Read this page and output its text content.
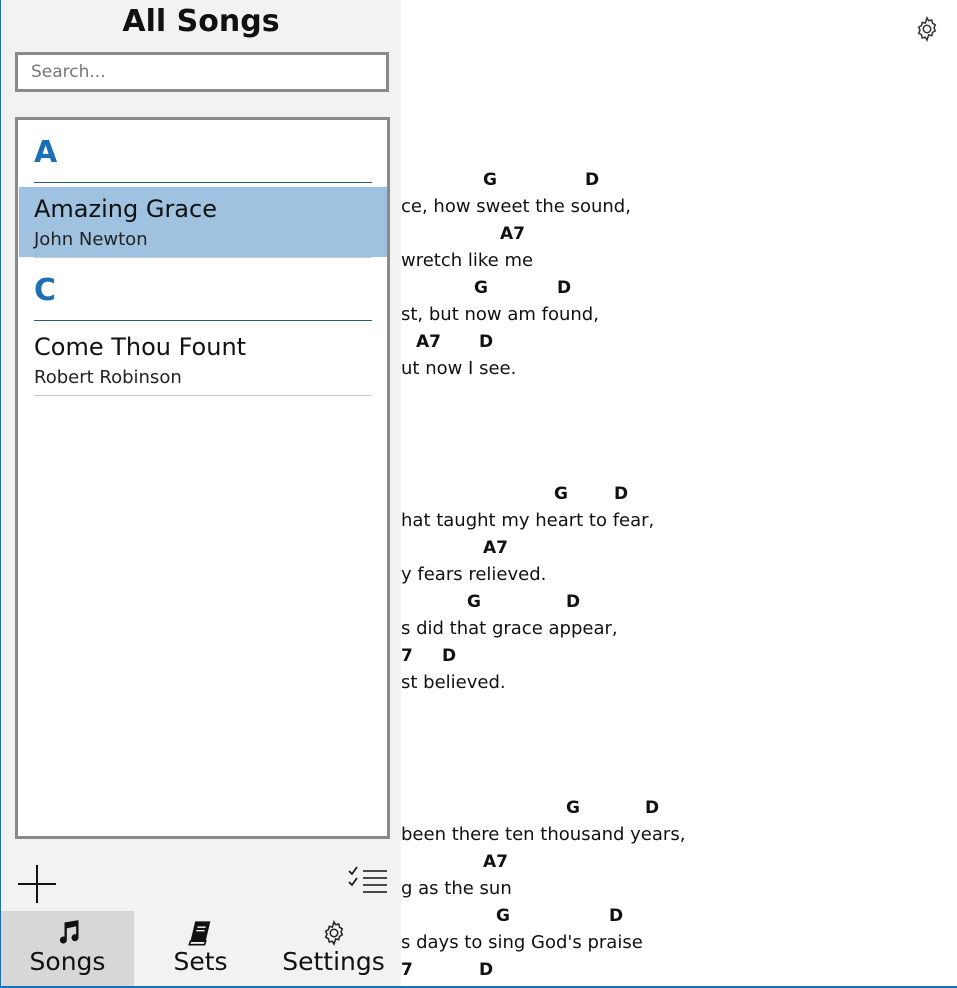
G	D
ce, how sweet the sound,
A7
wretch like me
G	D
st, but now am found,
A7 D
ut now I see.
G	D
hat taught my heart to fear,
A7
y fears relieved.
G	D
s did that grace appear,
7 D
st believed.
G	D
been there ten thousand years,
A7
g as the sun
G	D
s days to sing God's praise
7	D
All Songs
Search...
A
Amazing Grace
John Newton
C
Come Thou Fount
Robert Robinson
Songs	Sets	Settings
